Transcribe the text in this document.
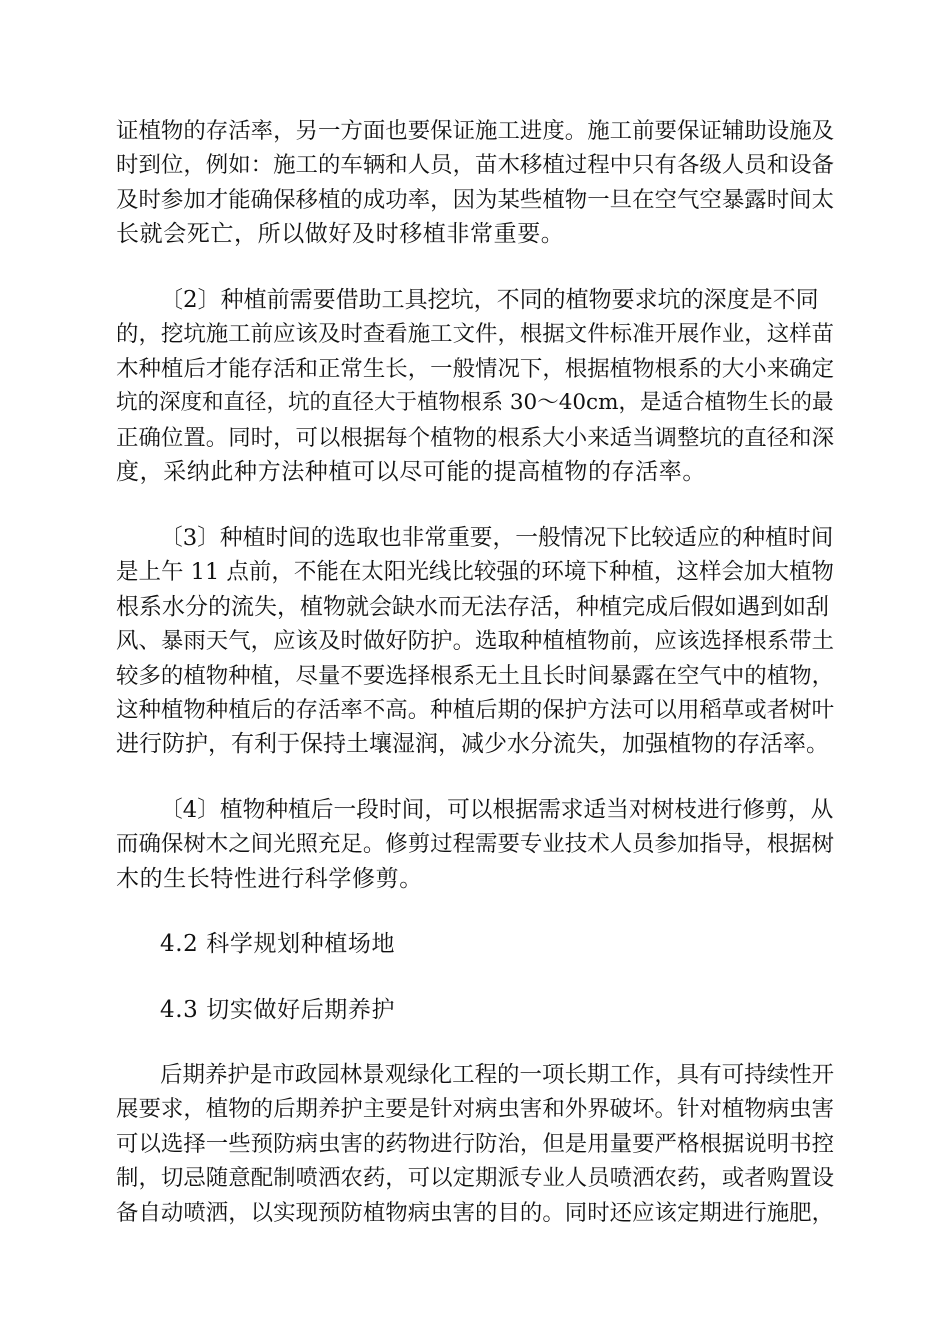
证植物的存活率，另一方面也要保证施工进度。施工前要保证辅助设施及
时到位，例如：施工的车辆和人员，苗木移植过程中只有各级人员和设备
及时参加才能确保移植的成功率，因为某些植物一旦在空气空暴露时间太
长就会死亡，所以做好及时移植非常重要。
〔2〕种植前需要借助工具挖坑，不同的植物要求坑的深度是不同
的，挖坑施工前应该及时查看施工文件，根据文件标准开展作业，这样苗
木种植后才能存活和正常生长，一般情况下，根据植物根系的大小来确定
坑的深度和直径，坑的直径大于植物根系 30～40cm，是适合植物生长的最
正确位置。同时，可以根据每个植物的根系大小来适当调整坑的直径和深
度，采纳此种方法种植可以尽可能的提高植物的存活率。
〔3〕种植时间的选取也非常重要，一般情况下比较适应的种植时间
是上午 11 点前，不能在太阳光线比较强的环境下种植，这样会加大植物
根系水分的流失，植物就会缺水而无法存活，种植完成后假如遇到如刮
风、暴雨天气，应该及时做好防护。选取种植植物前，应该选择根系带土
较多的植物种植，尽量不要选择根系无土且长时间暴露在空气中的植物，
这种植物种植后的存活率不高。种植后期的保护方法可以用稻草或者树叶
进行防护，有利于保持土壤湿润，减少水分流失，加强植物的存活率。
〔4〕植物种植后一段时间，可以根据需求适当对树枝进行修剪，从
而确保树木之间光照充足。修剪过程需要专业技术人员参加指导，根据树
木的生长特性进行科学修剪。
4.2 科学规划种植场地
4.3 切实做好后期养护
后期养护是市政园林景观绿化工程的一项长期工作，具有可持续性开
展要求，植物的后期养护主要是针对病虫害和外界破坏。针对植物病虫害
可以选择一些预防病虫害的药物进行防治，但是用量要严格根据说明书控
制，切忌随意配制喷洒农药，可以定期派专业人员喷洒农药，或者购置设
备自动喷洒，以实现预防植物病虫害的目的。同时还应该定期进行施肥，
